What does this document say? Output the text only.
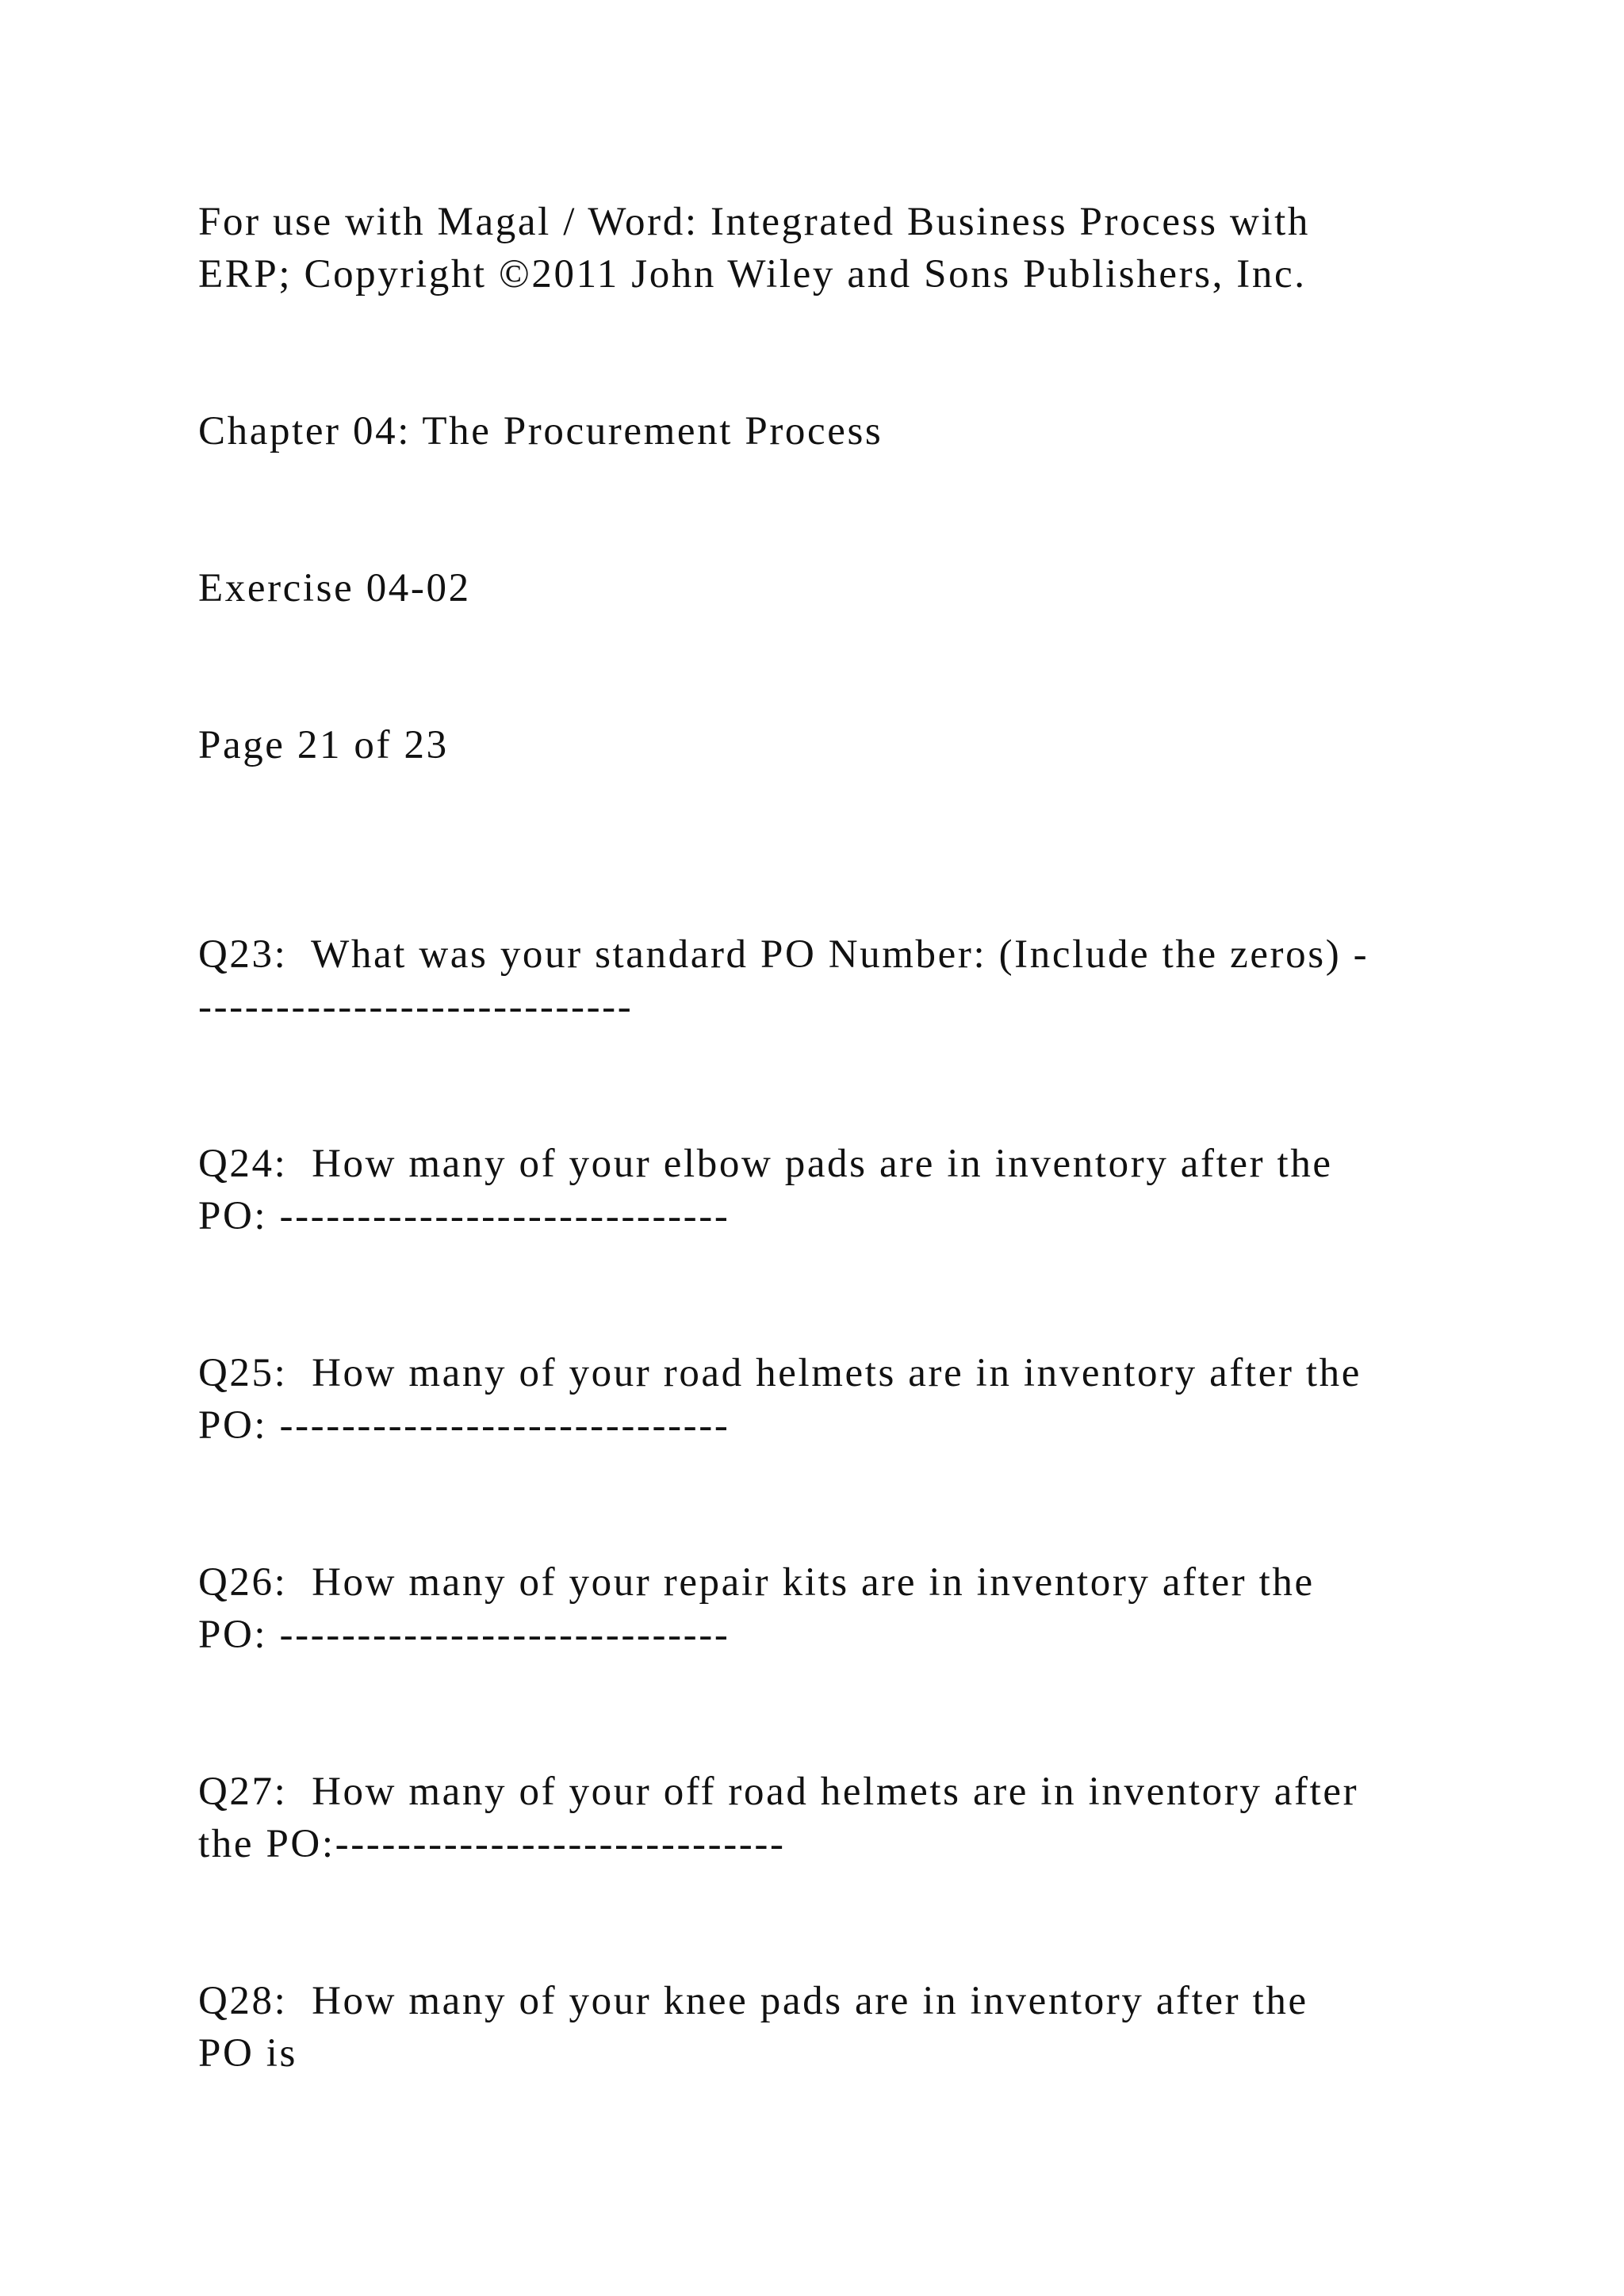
For use with Magal / Word: Integrated Business Process with

ERP; Copyright ©2011 John Wiley and Sons Publishers, Inc.

Chapter 04: The Procurement Process

Exercise 04-02

Page 21 of 23

Q23:  What was your standard PO Number: (Include the zeros) -

----------------------------

Q24:  How many of your elbow pads are in inventory after the

PO: -----------------------------

Q25:  How many of your road helmets are in inventory after the

PO: -----------------------------

Q26:  How many of your repair kits are in inventory after the

PO: -----------------------------

Q27:  How many of your off road helmets are in inventory after

the PO:-----------------------------

Q28:  How many of your knee pads are in inventory after the

PO is
